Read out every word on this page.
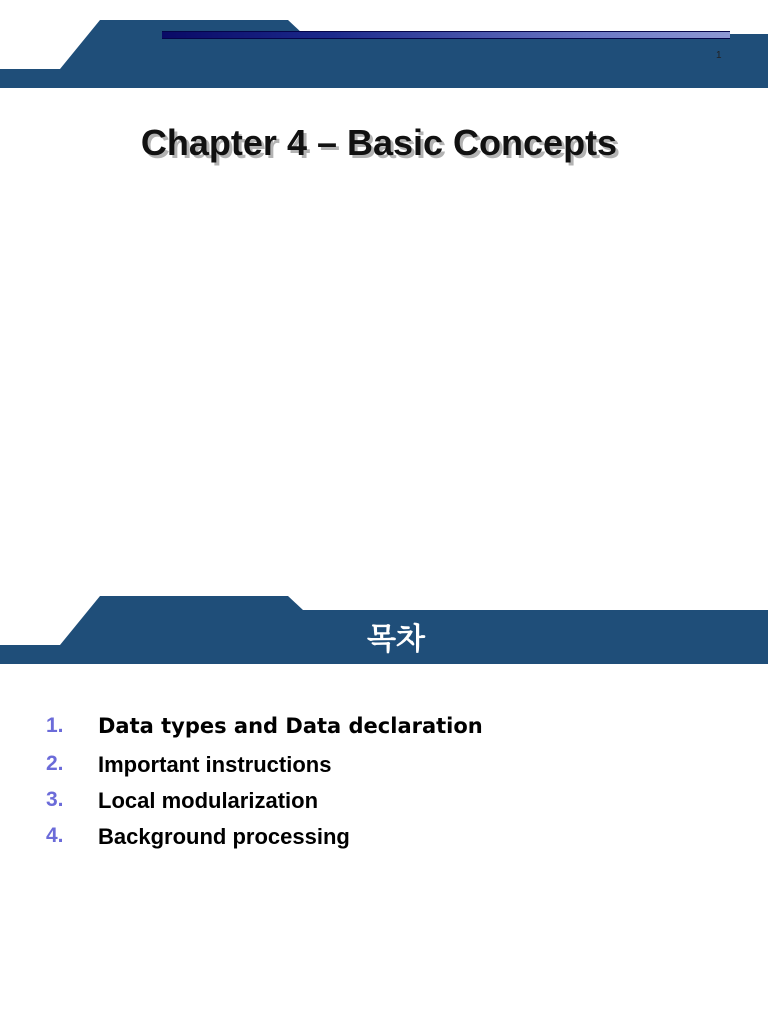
Chapter 4 – Basic Concepts
1
목차
1. Data types and Data declaration
2. Important instructions
3. Local modularization
4. Background processing
